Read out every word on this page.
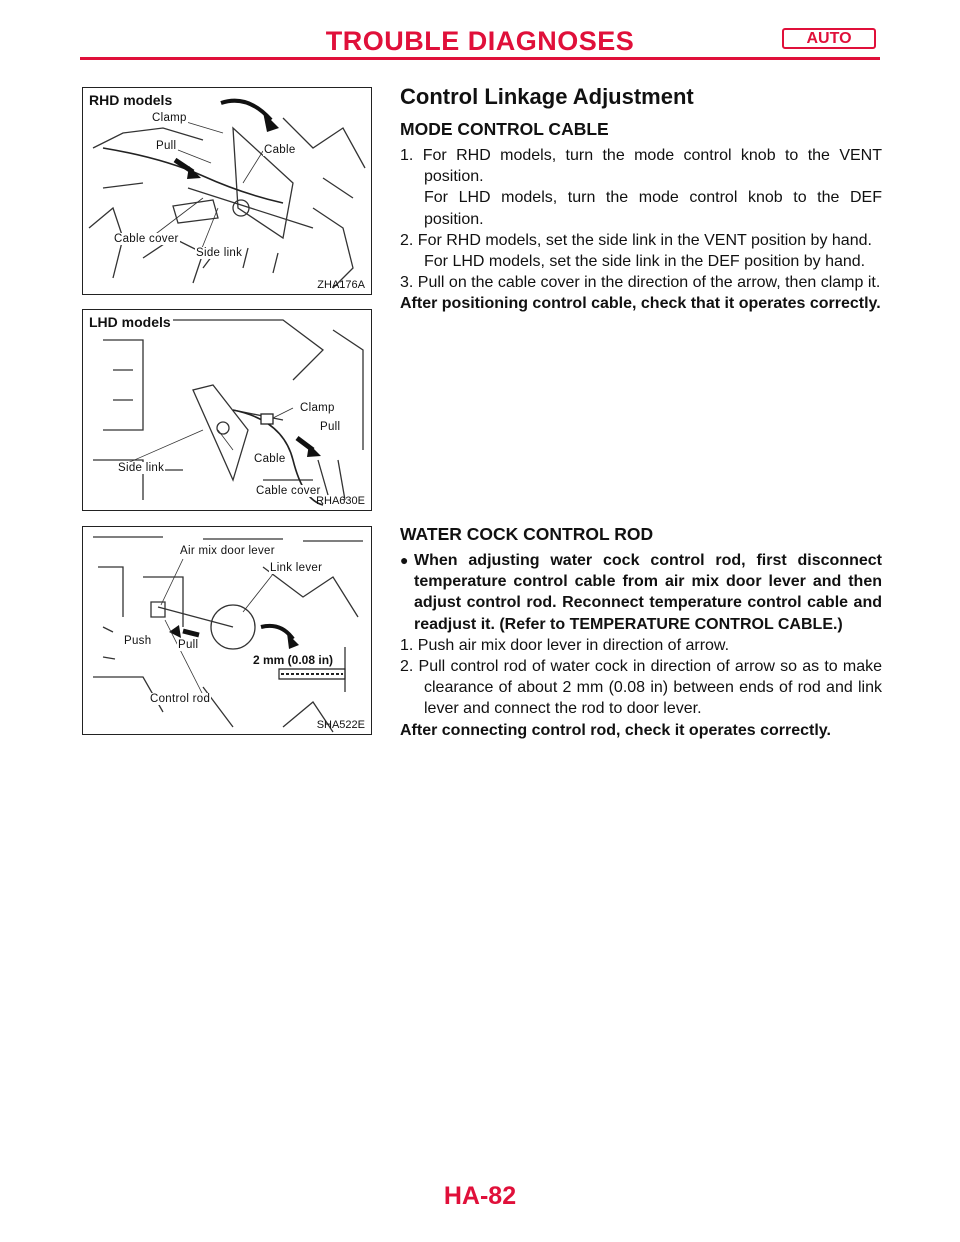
TROUBLE DIAGNOSES	AUTO
RHD models
Clamp
Pull	Cable
Cable cover
Side link
ZHA176A
LHD models
Clamp
Pull
Cable
Side link
Cable cover
RHA630E
Air mix door lever
Link lever
Push Pull
2 mm (0.08 in)
Control rod
SHA522E
Control Linkage Adjustment
MODE CONTROL CABLE

1. For RHD models, turn the mode control knob to the VENT position.

For LHD models, turn the mode control knob to the DEF position.

2. For RHD models, set the side link in the VENT position by hand.

For LHD models, set the side link in the DEF position by hand.

3. Pull on the cable cover in the direction of the arrow, then clamp it.

After positioning control cable, check that it operates correctly.

WATER COCK CONTROL ROD
● When adjusting water cock control rod, first disconnect temperature control cable from air mix door lever and then adjust control rod. Reconnect temperature control cable and readjust it. (Refer to TEMPERATURE CONTROL CABLE.)

1. Push air mix door lever in direction of arrow.

2. Pull control rod of water cock in direction of arrow so as to make clearance of about 2 mm (0.08 in) between ends of rod and link lever and connect the rod to door lever.

After connecting control rod, check it operates correctly.

HA-82
